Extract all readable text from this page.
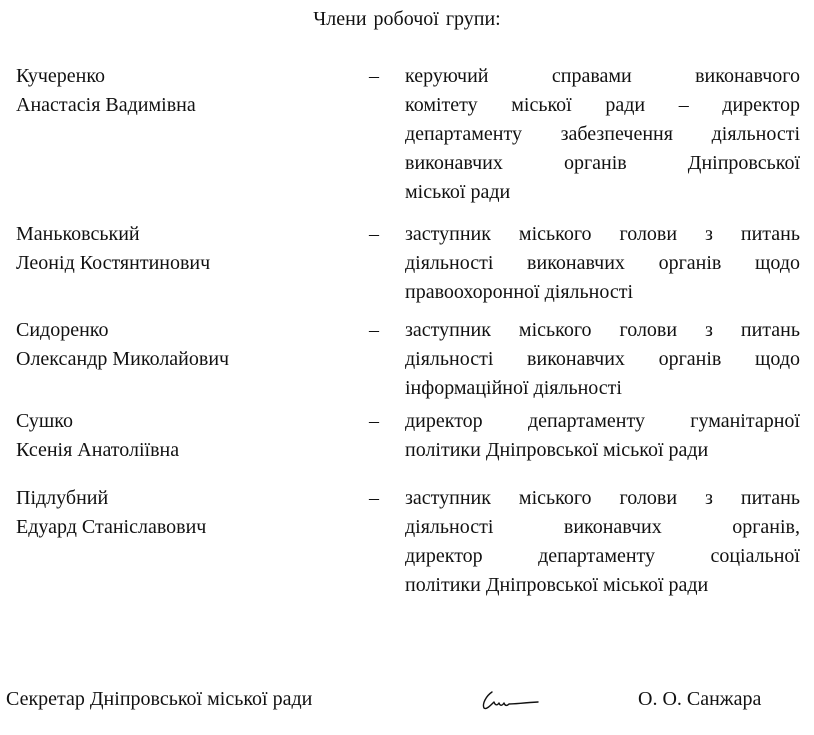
Члени робочої групи:
Кучеренко
Анастасія Вадимівна
– керуючий справами виконавчого
комітету міської ради – директор
департаменту забезпечення діяльності
виконавчих органів Дніпровської
міської ради
Маньковський
Леонід Костянтинович
– заступник міського голови з питань
діяльності виконавчих органів щодо
правоохоронної діяльності
Сидоренко
Олександр Миколайович
– заступник міського голови з питань
діяльності виконавчих органів щодо
інформаційної діяльності
Сушко
Ксенія Анатоліївна
– директор департаменту гуманітарної
політики Дніпровської міської ради
Підлубний
Едуард Станіславович
– заступник міського голови з питань
діяльності виконавчих органів,
директор департаменту соціальної
політики Дніпровської міської ради
Секретар Дніпровської міської ради	О. О. Санжара
